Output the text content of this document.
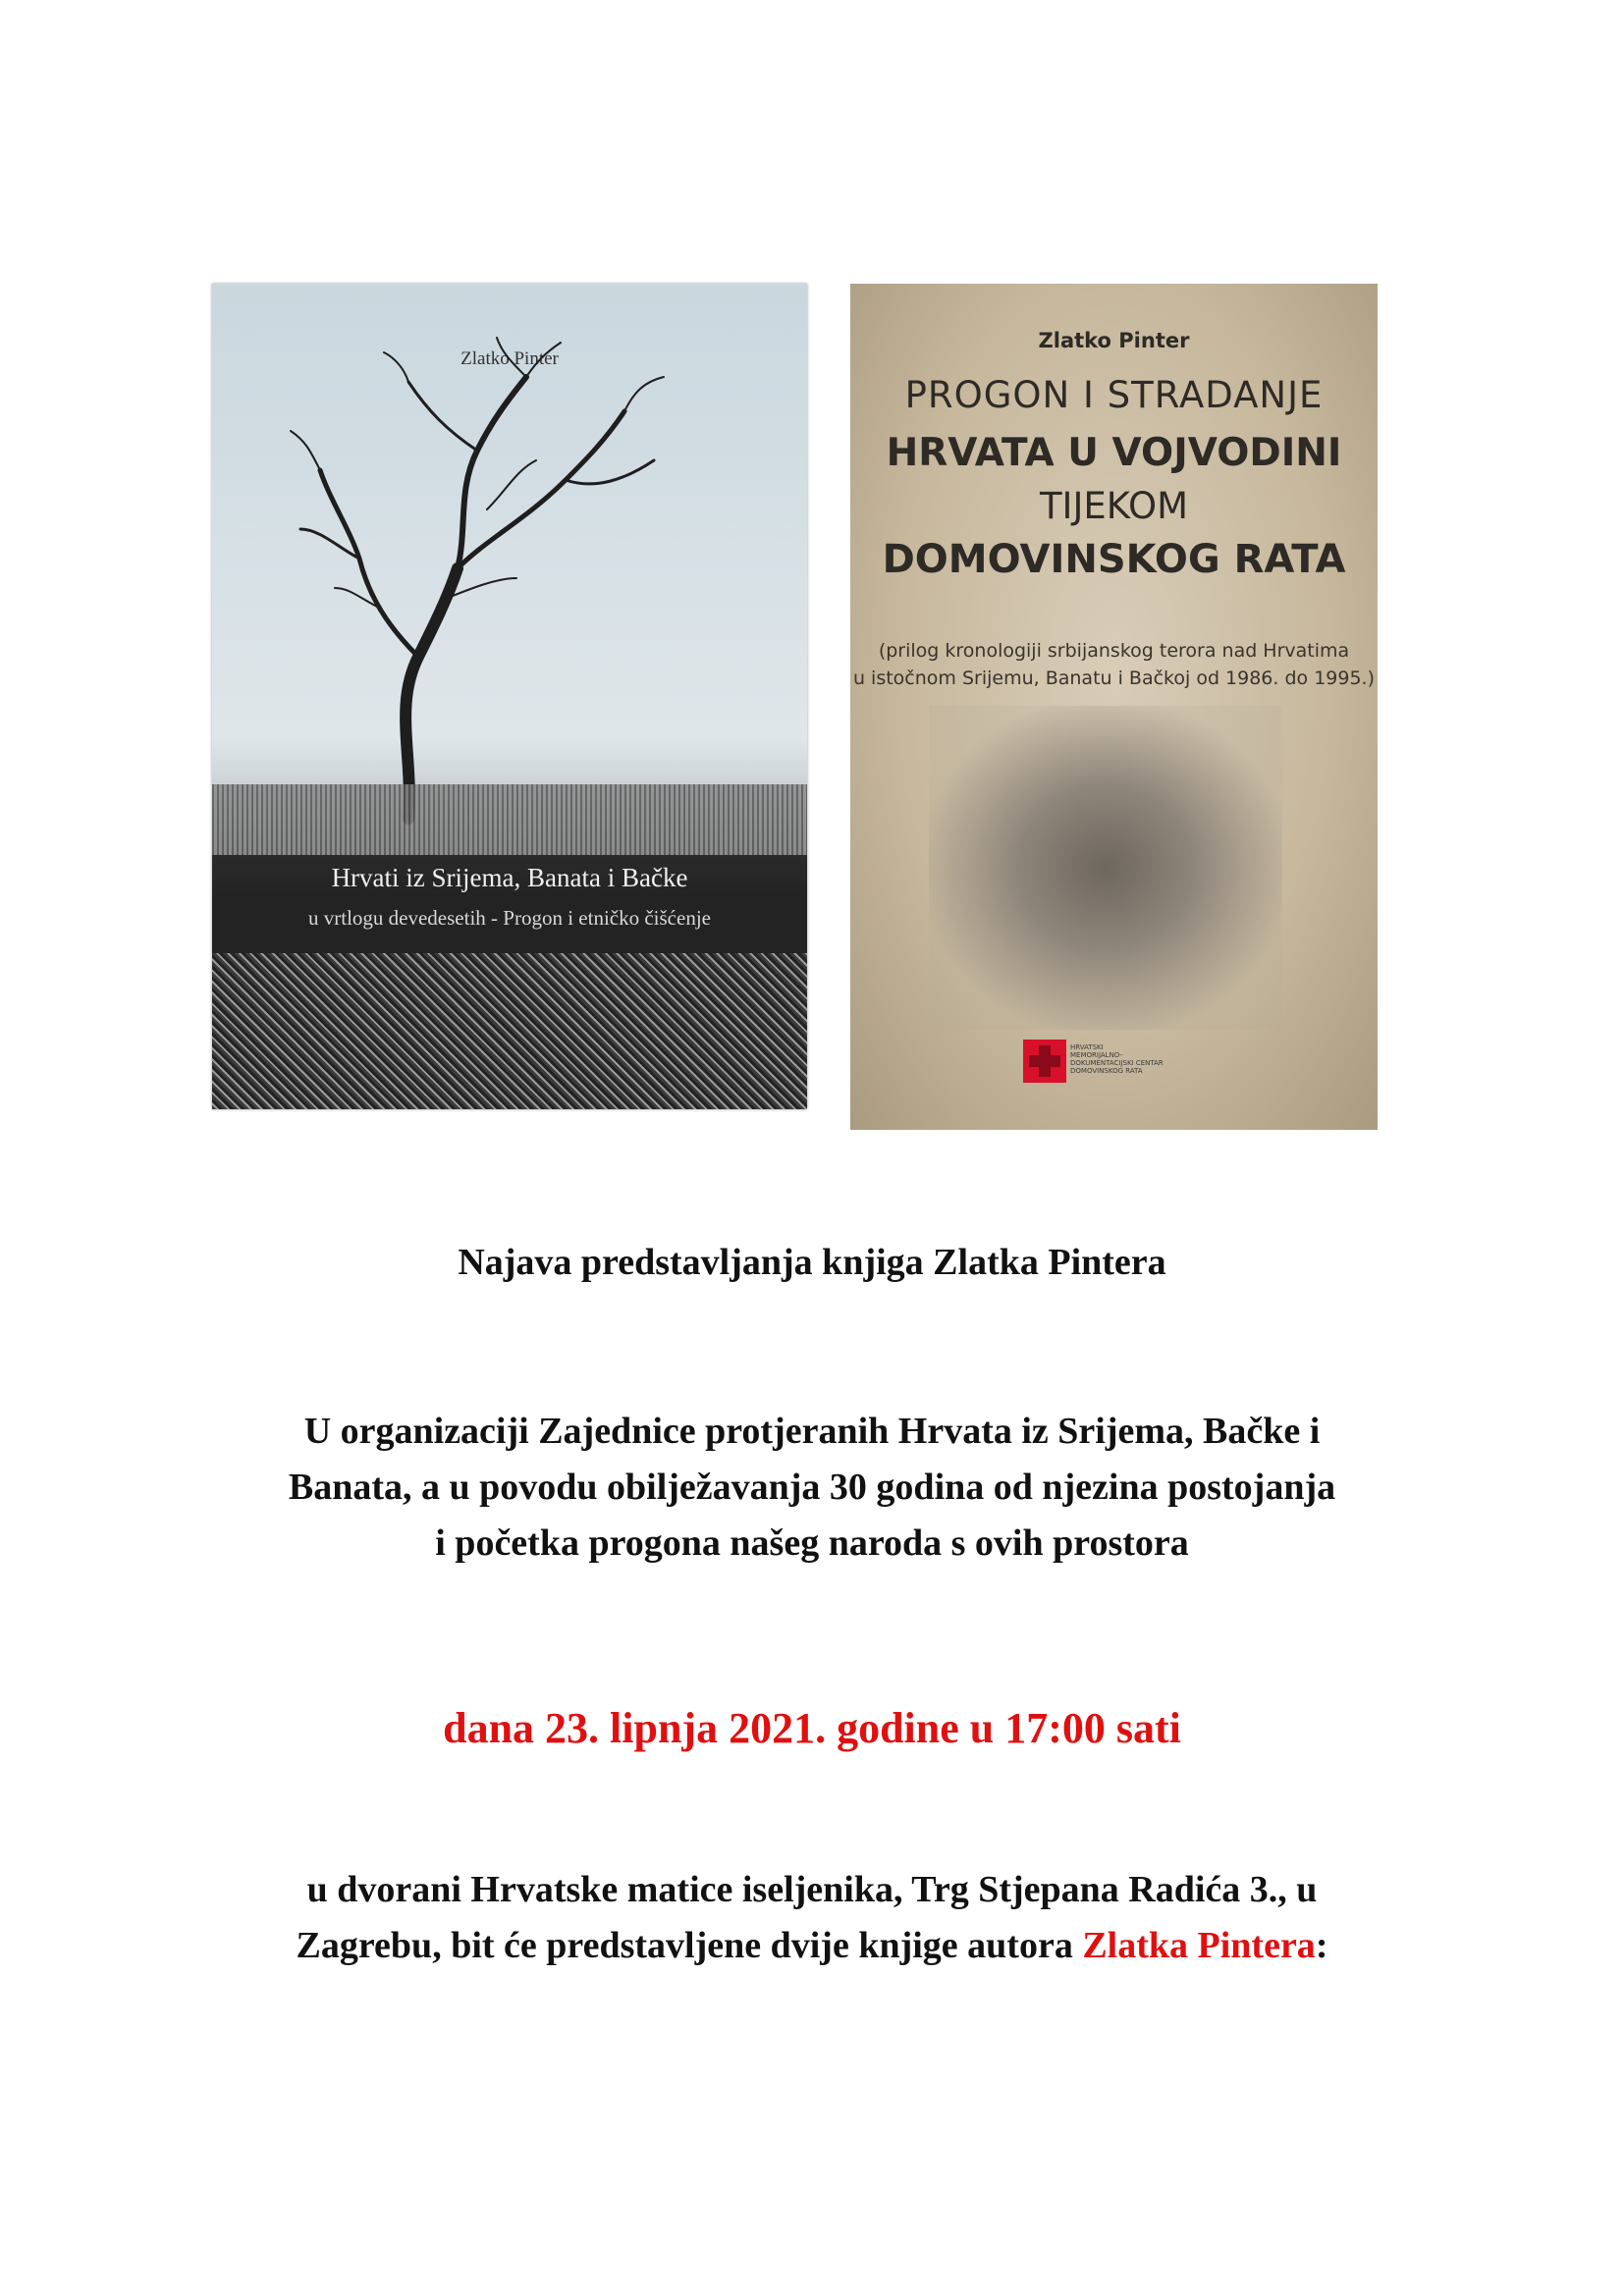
Zlatko Pinter
Hrvati iz Srijema, Banata i Bačke
u vrtlogu devedesetih - Progon i etničko čišćenje
Zlatko Pinter
PROGON I STRADANJE
HRVATA U VOJVODINI
TIJEKOM
DOMOVINSKOG RATA
(prilog kronologiji srbijanskog terora nad Hrvatima
u istočnom Srijemu, Banatu i Bačkoj od 1986. do 1995.)
HRVATSKI
MEMORIJALNO-
DOKUMENTACIJSKI CENTAR
DOMOVINSKOG RATA
Najava predstavljanja knjiga Zlatka Pintera
U organizaciji Zajednice protjeranih Hrvata iz Srijema, Bačke i
Banata, a u povodu obilježavanja 30 godina od njezina postojanja
i početka progona našeg naroda s ovih prostora
dana 23. lipnja 2021. godine u 17:00 sati
u dvorani Hrvatske matice iseljenika, Trg Stjepana Radića 3., u
Zagrebu, bit će predstavljene dvije knjige autora Zlatka Pintera:
